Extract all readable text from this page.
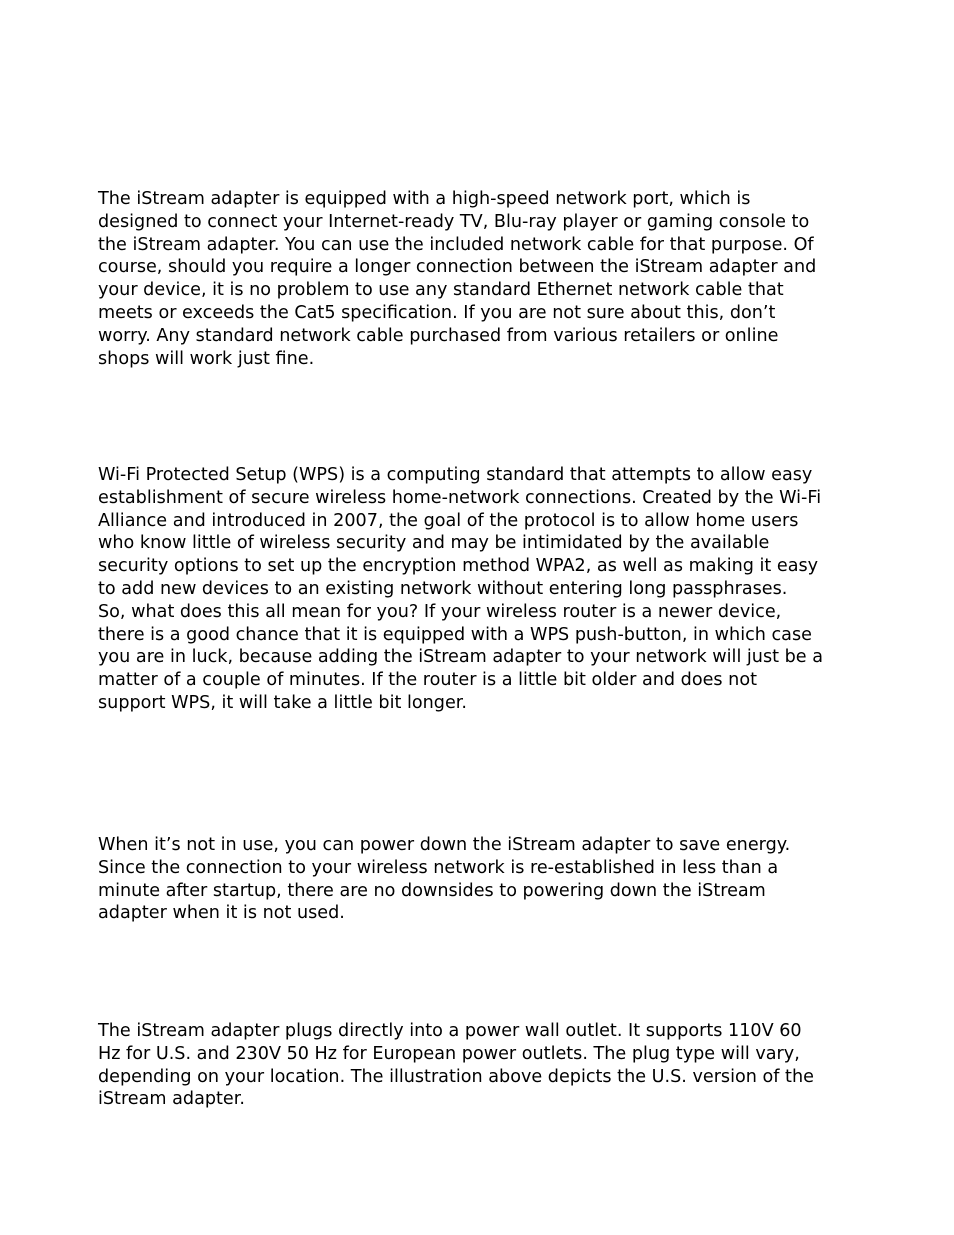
The iStream adapter is equipped with a high-speed network port, which is
designed to connect your Internet-ready TV, Blu-ray player or gaming console to
the iStream adapter. You can use the included network cable for that purpose. Of
course, should you require a longer connection between the iStream adapter and
your device, it is no problem to use any standard Ethernet network cable that
meets or exceeds the Cat5 specification. If you are not sure about this, don’t
worry. Any standard network cable purchased from various retailers or online
shops will work just fine.

Wi-Fi Protected Setup (WPS) is a computing standard that attempts to allow easy
establishment of secure wireless home-network connections. Created by the Wi-Fi
Alliance and introduced in 2007, the goal of the protocol is to allow home users
who know little of wireless security and may be intimidated by the available
security options to set up the encryption method WPA2, as well as making it easy
to add new devices to an existing network without entering long passphrases.
So, what does this all mean for you? If your wireless router is a newer device,
there is a good chance that it is equipped with a WPS push-button, in which case
you are in luck, because adding the iStream adapter to your network will just be a
matter of a couple of minutes. If the router is a little bit older and does not
support WPS, it will take a little bit longer.

When it’s not in use, you can power down the iStream adapter to save energy.
Since the connection to your wireless network is re-established in less than a
minute after startup, there are no downsides to powering down the iStream
adapter when it is not used.

The iStream adapter plugs directly into a power wall outlet. It supports 110V 60
Hz for U.S. and 230V 50 Hz for European power outlets. The plug type will vary,
depending on your location. The illustration above depicts the U.S. version of the
iStream adapter.
